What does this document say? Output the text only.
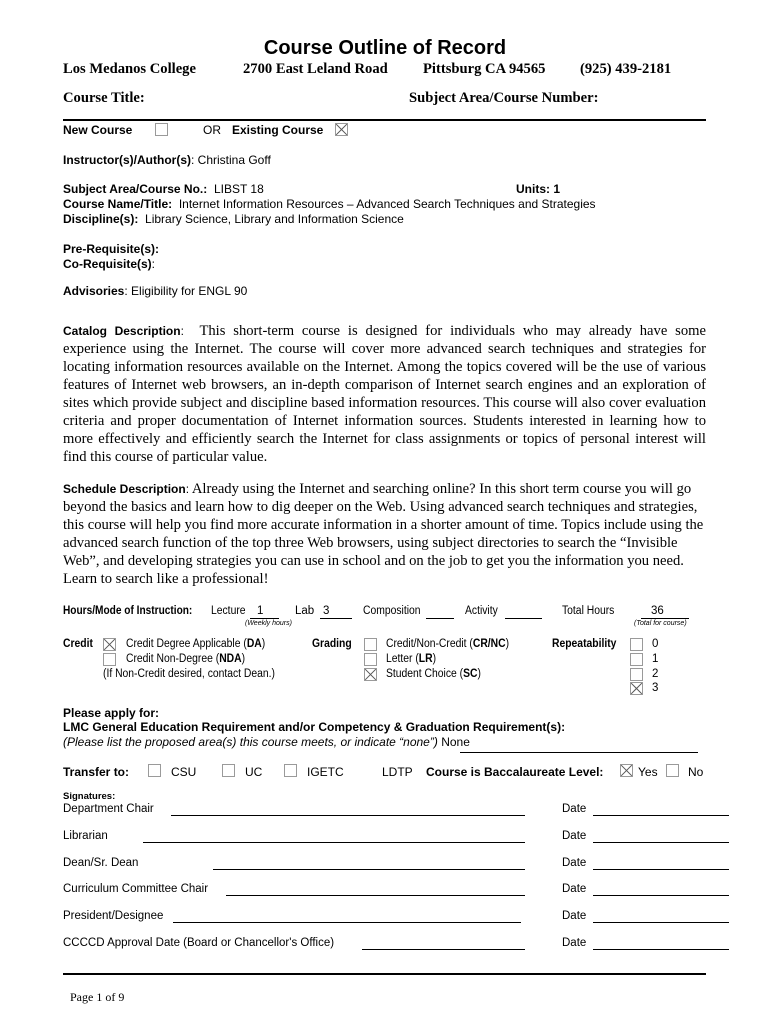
Course Outline of Record
Los Medanos College	2700 East Leland Road Pittsburg CA 94565 (925) 439-2181
Course Title:	Subject Area/Course Number:
New Course	OR Existing Course
Instructor(s)/Author(s): Christina Goff
Subject Area/Course No.: LIBST 18	Units: 1
Course Name/Title: Internet Information Resources – Advanced Search Techniques and Strategies
Discipline(s): Library Science, Library and Information Science
Pre-Requisite(s):
Co-Requisite(s):
Advisories: Eligibility for ENGL 90
Catalog Description: This short-term course is designed for individuals who may already have some experience using the Internet. The course will cover more advanced search techniques and strategies for locating information resources available on the Internet. Among the topics covered will be the use of various features of Internet web browsers, an in-depth comparison of Internet search engines and an exploration of sites which provide subject and discipline based information resources. This course will also cover evaluation criteria and proper documentation of Internet information sources. Students interested in learning how to more effectively and efficiently search the Internet for class assignments or topics of personal interest will find this course of particular value.
Schedule Description: Already using the Internet and searching online? In this short term course you will go beyond the basics and learn how to dig deeper on the Web. Using advanced search techniques and strategies, this course will help you find more accurate information in a shorter amount of time. Topics include using the advanced search function of the top three Web browsers, using subject directories to search the “Invisible Web”, and developing strategies you can use in school and on the job to get you the information you need. Learn to search like a professional!
Hours/Mode of Instruction: Lecture 1	Lab 3	Composition	Activity	Total Hours	36
(Weekly hours)	(Total for course)
Credit	Credit Degree Applicable (DA)
Credit Non-Degree (NDA)
(If Non-Credit desired, contact Dean.)
Grading	Credit/Non-Credit (CR/NC)
Letter (LR)
Student Choice (SC)
Repeatability	0
1
2
3
Please apply for:
LMC General Education Requirement and/or Competency & Graduation Requirement(s):
(Please list the proposed area(s) this course meets, or indicate “none”) None
Transfer to:	CSU	UC	IGETC	LDTP Course is Baccalaureate Level:	Yes	No
Signatures:
Department Chair	Date
Librarian	Date
Dean/Sr. Dean	Date
Curriculum Committee Chair	Date
President/Designee	Date
CCCCD Approval Date (Board or Chancellor's Office)	Date
Page 1 of 9
